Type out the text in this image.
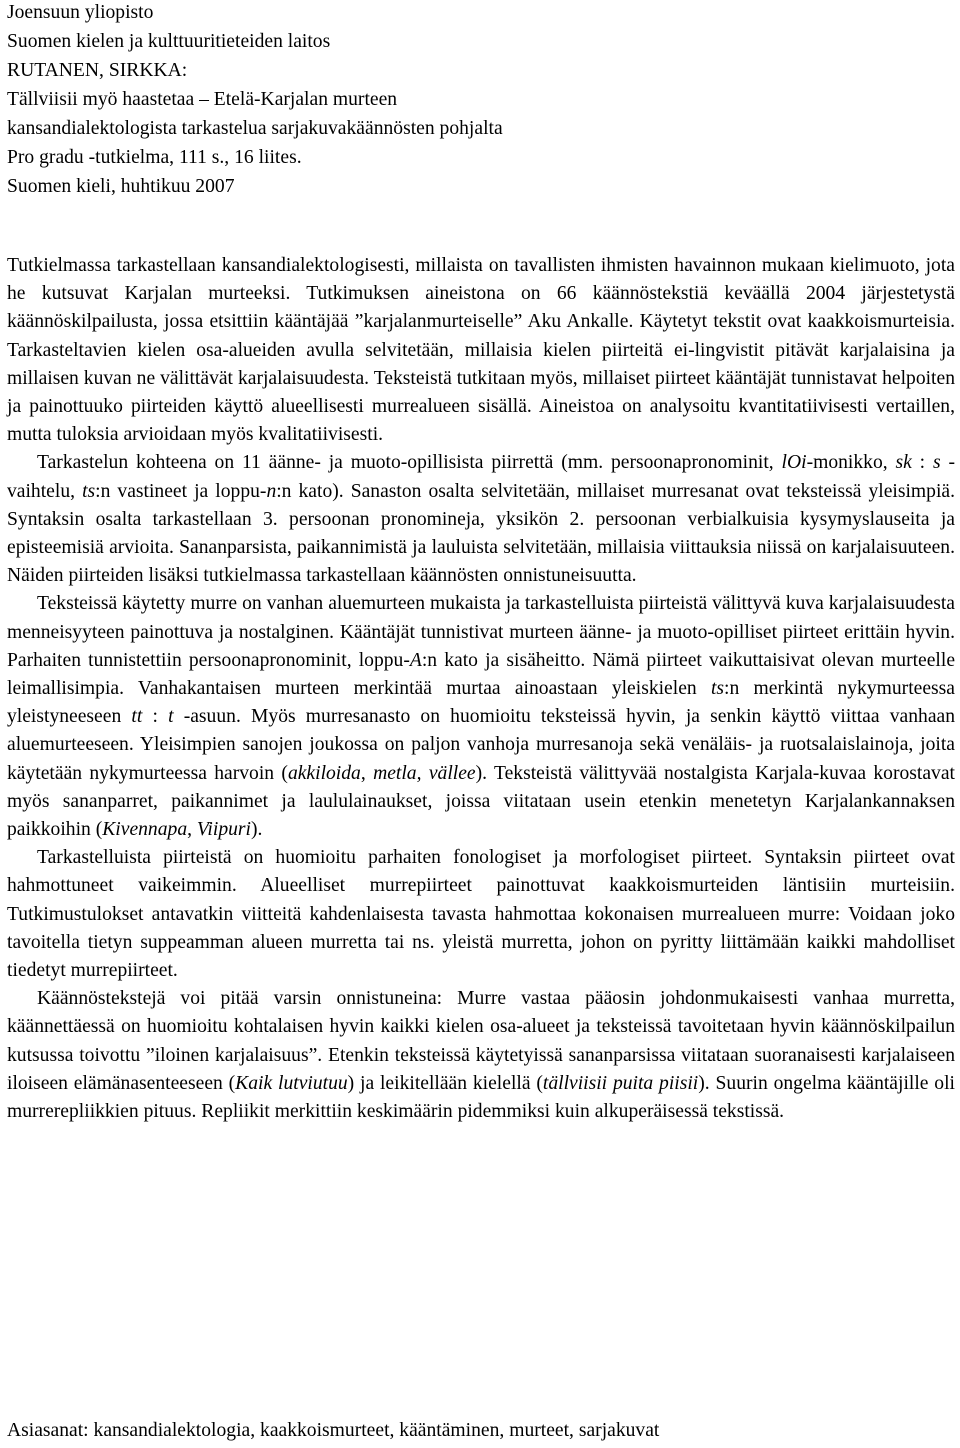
Joensuun yliopisto
Suomen kielen ja kulttuuritieteiden laitos
RUTANEN, SIRKKA:
Tällviisii myö haastetaa – Etelä-Karjalan murteen
kansandialektologista tarkastelua sarjakuvakäännösten pohjalta
Pro gradu -tutkielma, 111 s., 16 liites.
Suomen kieli, huhtikuu 2007

Tutkielmassa tarkastellaan kansandialektologisesti, millaista on tavallisten ihmisten havainnon mukaan kielimuoto, jota he kutsuvat Karjalan murteeksi. Tutkimuksen aineistona on 66 käännöstekstiä keväällä 2004 järjestetystä käännöskilpailusta, jossa etsittiin kääntäjää ”karjalanmurteiselle” Aku Ankalle. Käytetyt tekstit ovat kaakkoismurteisia. Tarkasteltavien kielen osa-alueiden avulla selvitetään, millaisia kielen piirteitä ei-lingvistit pitävät karjalaisina ja millaisen kuvan ne välittävät karjalaisuudesta. Teksteistä tutkitaan myös, millaiset piirteet kääntäjät tunnistavat helpoiten ja painottuuko piirteiden käyttö alueellisesti murrealueen sisällä. Aineistoa on analysoitu kvantitatiivisesti vertaillen, mutta tuloksia arvioidaan myös kvalitatiivisesti.

Tarkastelun kohteena on 11 äänne- ja muoto-opillisista piirrettä (mm. persoonapronominit, lOi-monikko, sk : s -vaihtelu, ts:n vastineet ja loppu-n:n kato). Sanaston osalta selvitetään, millaiset murresanat ovat teksteissä yleisimpiä. Syntaksin osalta tarkastellaan 3. persoonan pronomineja, yksikön 2. persoonan verbialkuisia kysymyslauseita ja episteemisiä arvioita. Sananparsista, paikannimistä ja lauluista selvitetään, millaisia viittauksia niissä on karjalaisuuteen. Näiden piirteiden lisäksi tutkielmassa tarkastellaan käännösten onnistuneisuutta.

Teksteissä käytetty murre on vanhan aluemurteen mukaista ja tarkastelluista piirteistä välittyvä kuva karjalaisuudesta menneisyyteen painottuva ja nostalginen. Kääntäjät tunnistivat murteen äänne- ja muoto-opilliset piirteet erittäin hyvin. Parhaiten tunnistettiin persoonapronominit, loppu-A:n kato ja sisäheitto. Nämä piirteet vaikuttaisivat olevan murteelle leimallisimpia. Vanhakantaisen murteen merkintää murtaa ainoastaan yleiskielen ts:n merkintä nykymurteessa yleistyneeseen tt : t -asuun. Myös murresanasto on huomioitu teksteissä hyvin, ja senkin käyttö viittaa vanhaan aluemurteeseen. Yleisimpien sanojen joukossa on paljon vanhoja murresanoja sekä venäläis- ja ruotsalaislainoja, joita käytetään nykymurteessa harvoin (akkiloida, metla, vällee). Teksteistä välittyvää nostalgista Karjala-kuvaa korostavat myös sananparret, paikannimet ja laululainaukset, joissa viitataan usein etenkin menetetyn Karjalankannaksen paikkoihin (Kivennapa, Viipuri).

Tarkastelluista piirteistä on huomioitu parhaiten fonologiset ja morfologiset piirteet. Syntaksin piirteet ovat hahmottuneet vaikeimmin. Alueelliset murrepiirteet painottuvat kaakkoismurteiden läntisiin murteisiin. Tutkimustulokset antavatkin viitteitä kahdenlaisesta tavasta hahmottaa kokonaisen murrealueen murre: Voidaan joko tavoitella tietyn suppeamman alueen murretta tai ns. yleistä murretta, johon on pyritty liittämään kaikki mahdolliset tiedetyt murrepiirteet.

Käännöstekstejä voi pitää varsin onnistuneina: Murre vastaa pääosin johdonmukaisesti vanhaa murretta, käännettäessä on huomioitu kohtalaisen hyvin kaikki kielen osa-alueet ja teksteissä tavoitetaan hyvin käännöskilpailun kutsussa toivottu ”iloinen karjalaisuus”. Etenkin teksteissä käytetyissä sananparsissa viitataan suoranaisesti karjalaiseen iloiseen elämänasenteeseen (Kaik lutviutuu) ja leikitellään kielellä (tällviisii puita piisii). Suurin ongelma kääntäjille oli murrerepliikkien pituus. Repliikit merkittiin keskimäärin pidemmiksi kuin alkuperäisessä tekstissä.

Asiasanat: kansandialektologia, kaakkoismurteet, kääntäminen, murteet, sarjakuvat
